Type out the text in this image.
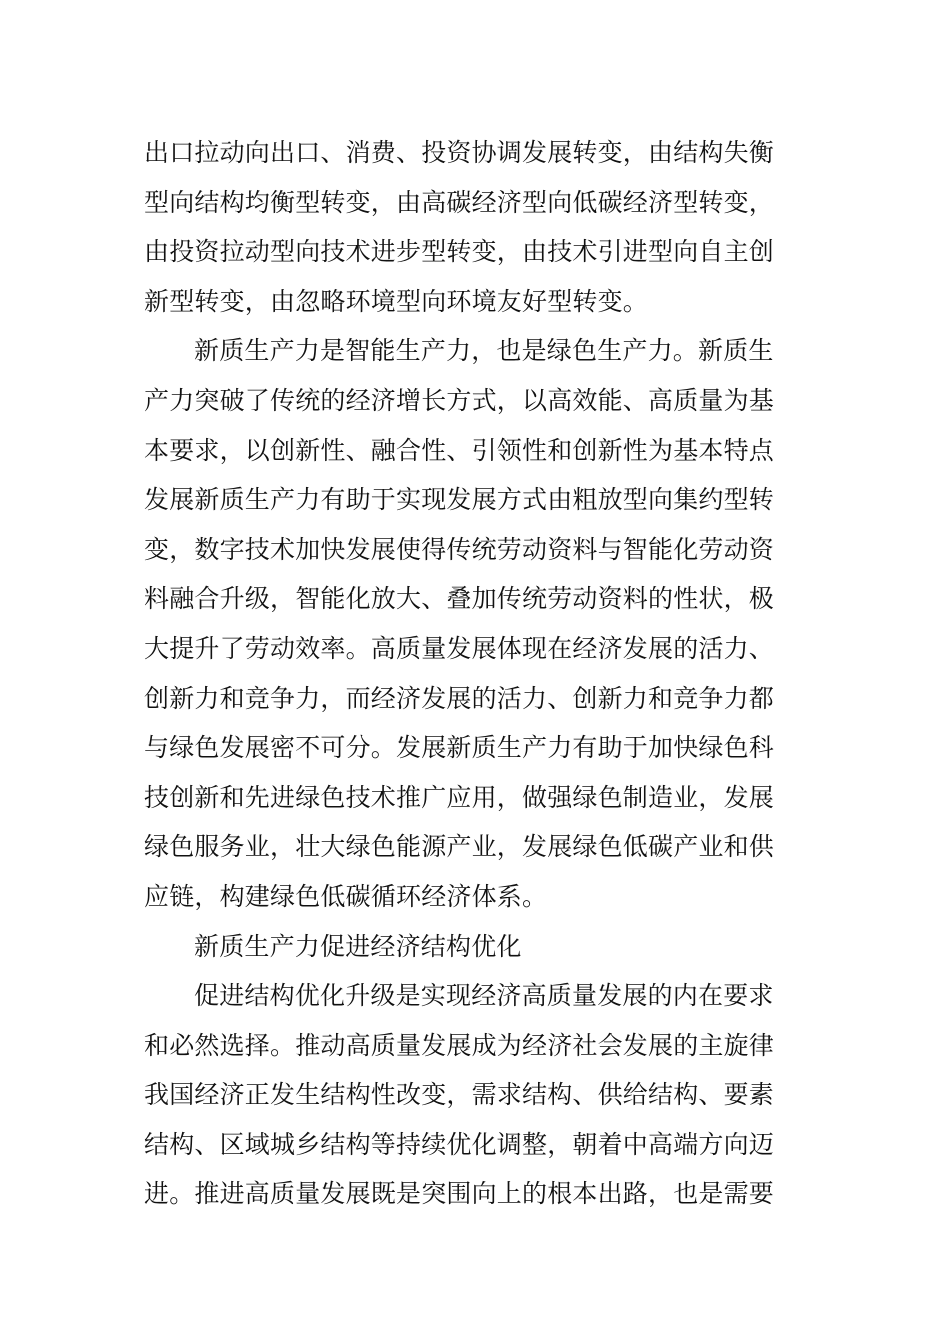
出口拉动向出口、消费、投资协调发展转变，由结构失衡
型向结构均衡型转变，由高碳经济型向低碳经济型转变，
由投资拉动型向技术进步型转变，由技术引进型向自主创
新型转变，由忽略环境型向环境友好型转变。
新质生产力是智能生产力，也是绿色生产力。新质生
产力突破了传统的经济增长方式，以高效能、高质量为基
本要求，以创新性、融合性、引领性和创新性为基本特点
发展新质生产力有助于实现发展方式由粗放型向集约型转
变，数字技术加快发展使得传统劳动资料与智能化劳动资
料融合升级，智能化放大、叠加传统劳动资料的性状，极
大提升了劳动效率。高质量发展体现在经济发展的活力、
创新力和竞争力，而经济发展的活力、创新力和竞争力都
与绿色发展密不可分。发展新质生产力有助于加快绿色科
技创新和先进绿色技术推广应用，做强绿色制造业，发展
绿色服务业，壮大绿色能源产业，发展绿色低碳产业和供
应链，构建绿色低碳循环经济体系。
新质生产力促进经济结构优化
促进结构优化升级是实现经济高质量发展的内在要求
和必然选择。推动高质量发展成为经济社会发展的主旋律
我国经济正发生结构性改变，需求结构、供给结构、要素
结构、区域城乡结构等持续优化调整，朝着中高端方向迈
进。推进高质量发展既是突围向上的根本出路，也是需要
